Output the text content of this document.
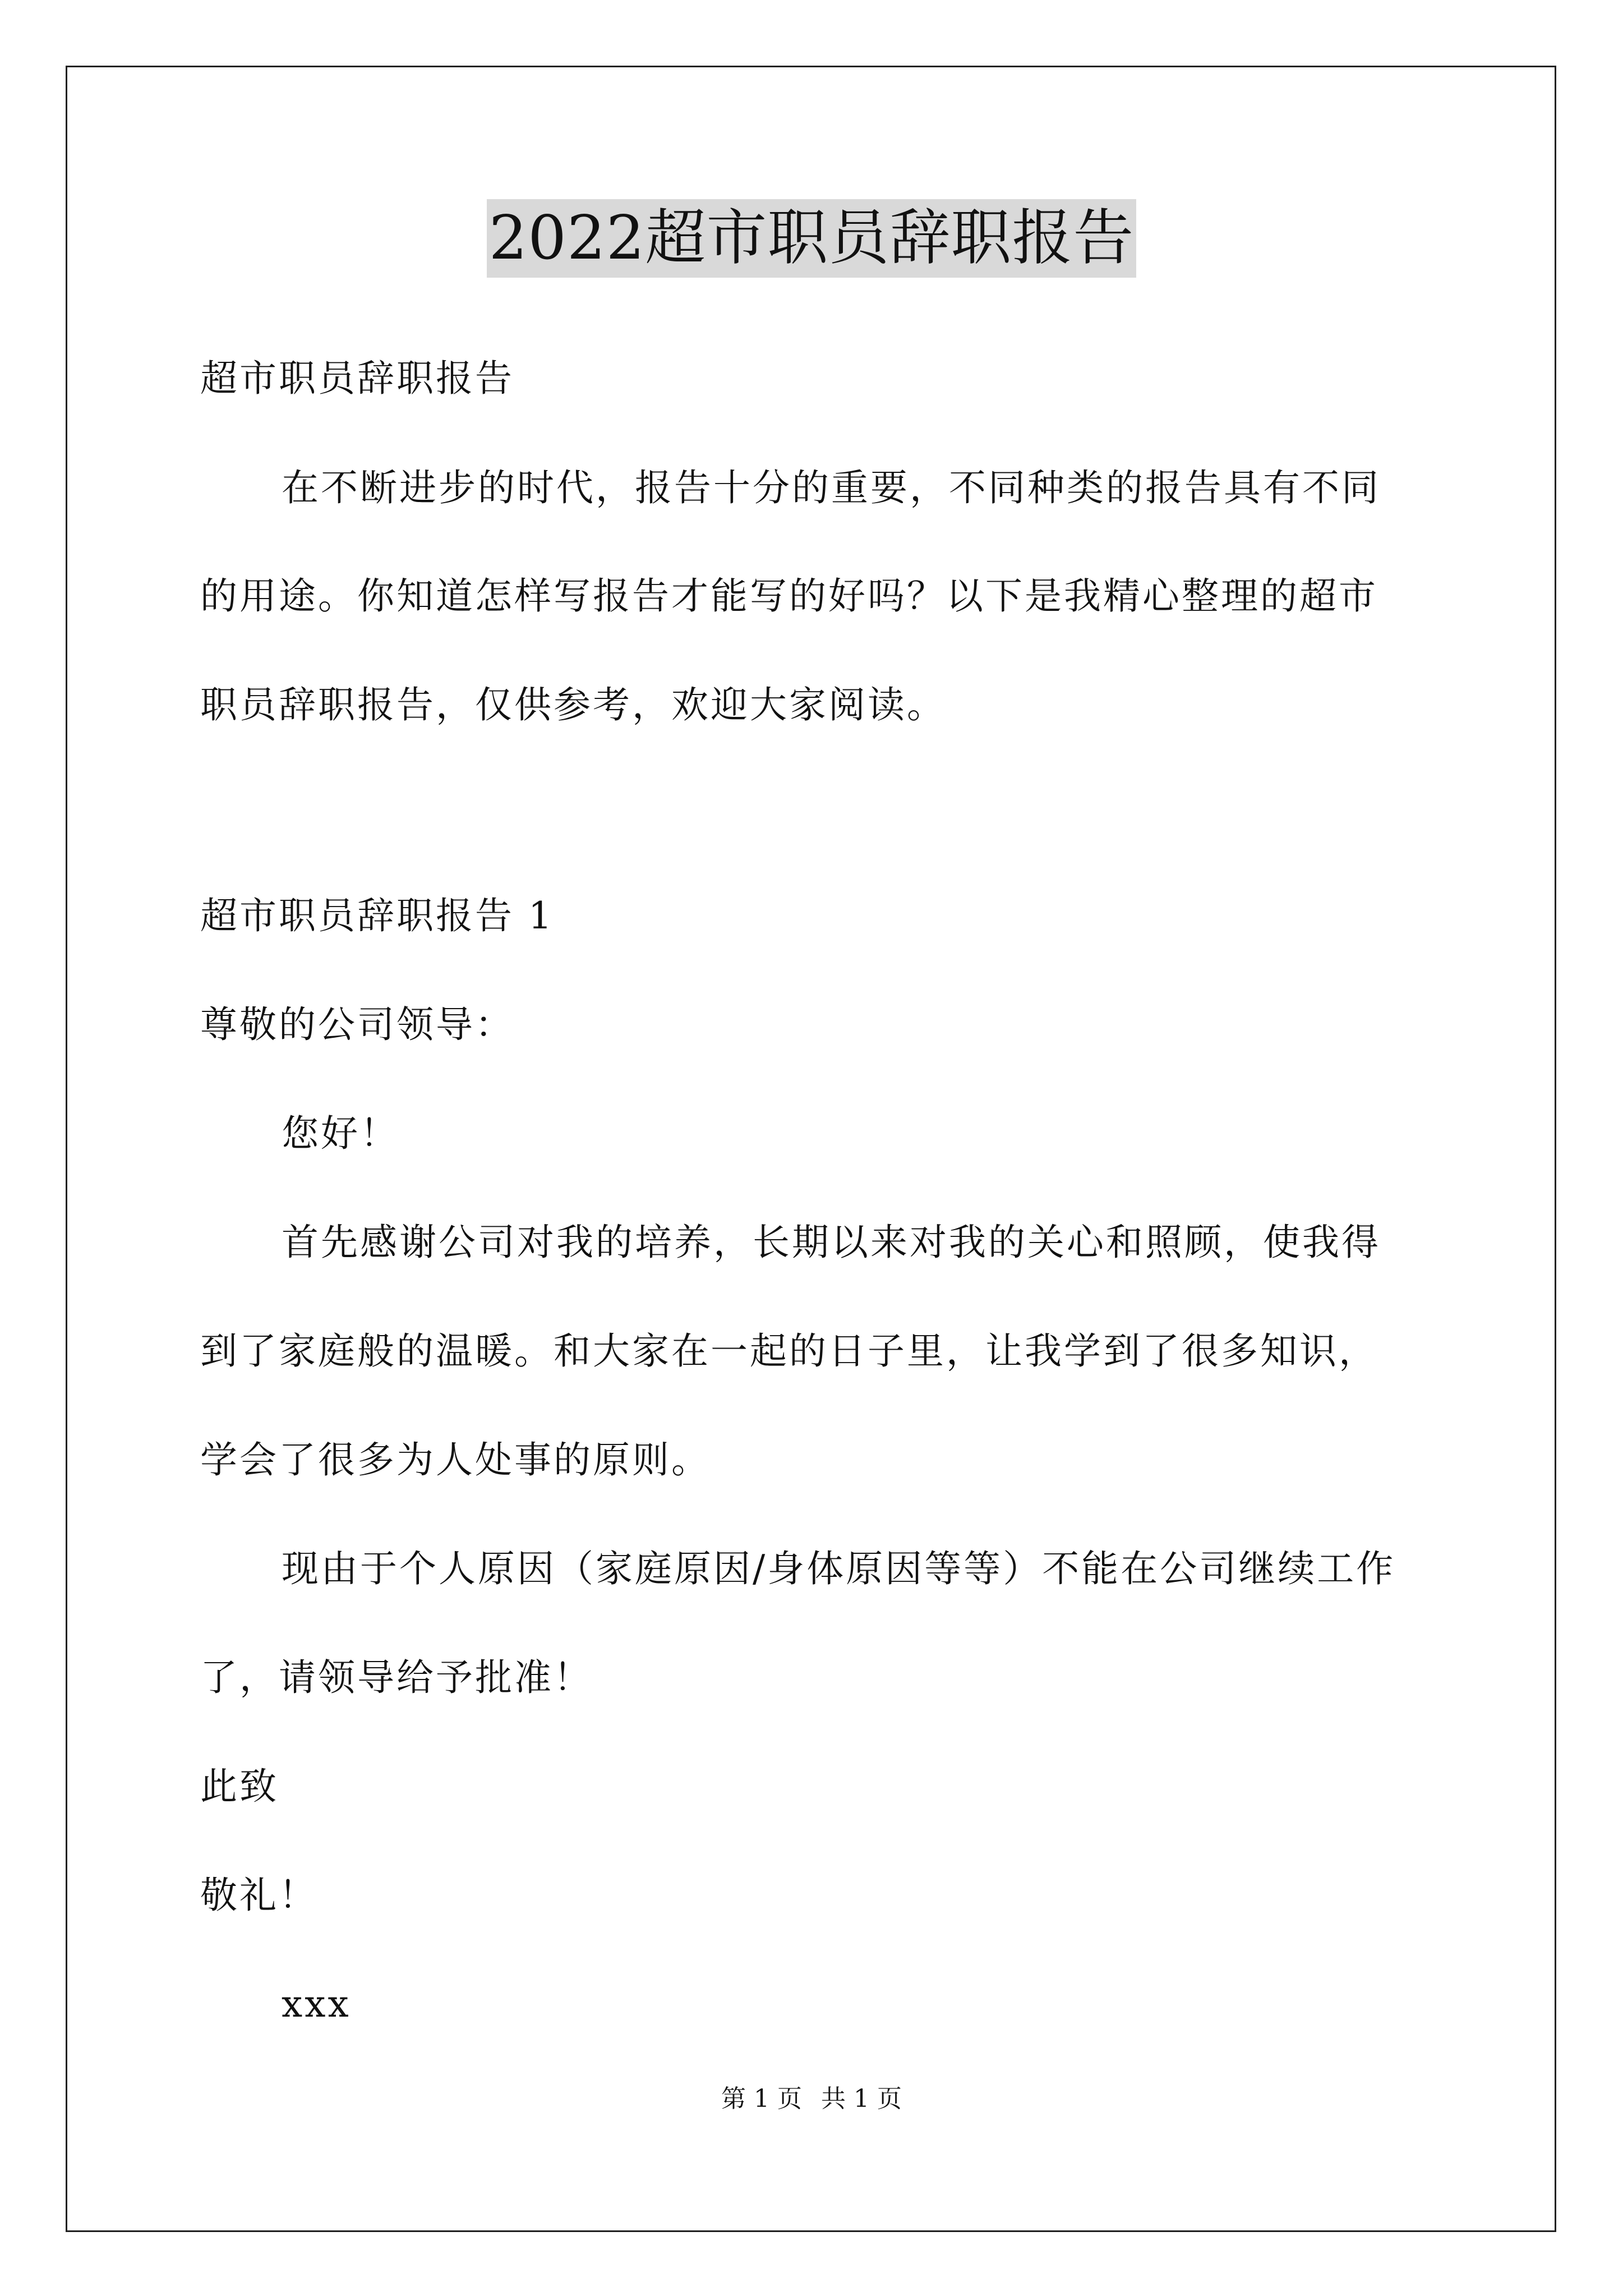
2022超市职员辞职报告
超市职员辞职报告
在不断进步的时代，报告十分的重要，不同种类的报告具有不同
的用途。你知道怎样写报告才能写的好吗？以下是我精心整理的超市
职员辞职报告，仅供参考，欢迎大家阅读。
超市职员辞职报告 1
尊敬的公司领导：
您好！
首先感谢公司对我的培养，长期以来对我的关心和照顾，使我得
到了家庭般的温暖。和大家在一起的日子里，让我学到了很多知识，
学会了很多为人处事的原则。
现由于个人原因（家庭原因/身体原因等等）不能在公司继续工作
了，请领导给予批准！
此致
敬礼！
xxx
第 1 页 共 1 页
